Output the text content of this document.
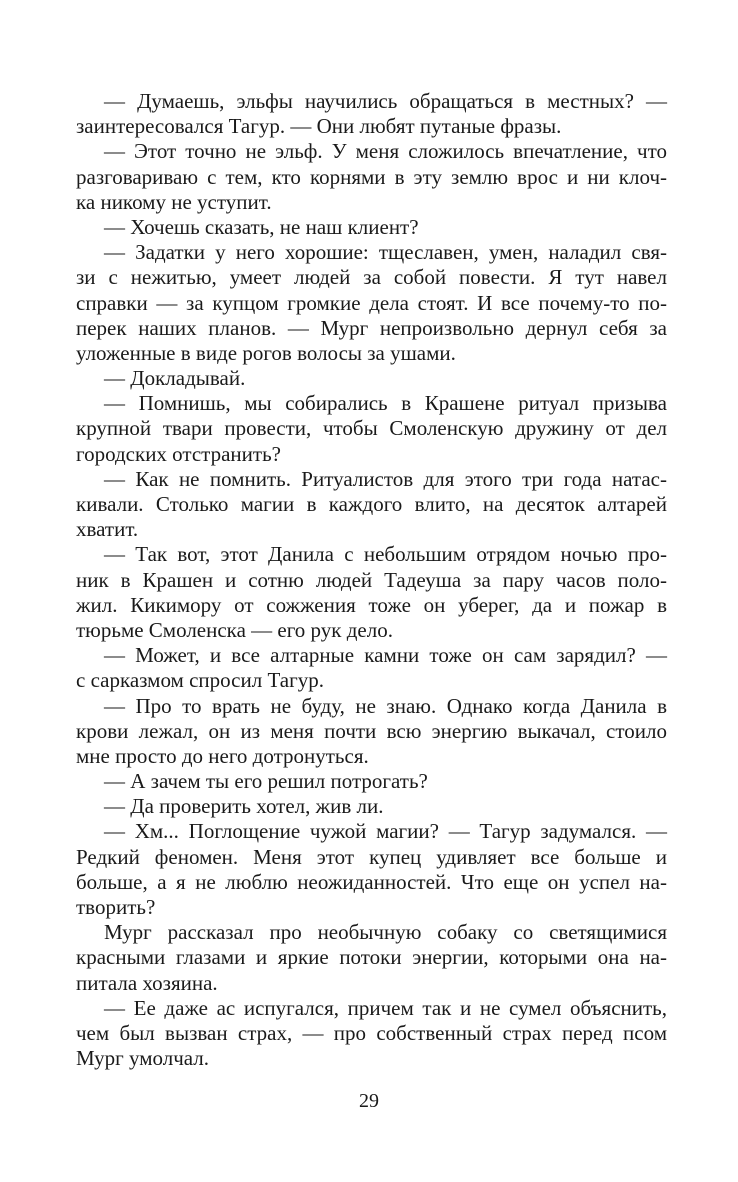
— Думаешь, эльфы научились обращаться в местных? —
заинтересовался Тагур. — Они любят путаные фразы.
— Этот точно не эльф. У меня сложилось впечатление, что
разговариваю с тем, кто корнями в эту землю врос и ни клоч-
ка никому не уступит.
— Хочешь сказать, не наш клиент?
— Задатки у него хорошие: тщеславен, умен, наладил свя-
зи с нежитью, умеет людей за собой повести. Я тут навел
справки — за купцом громкие дела стоят. И все почему-то по-
перек наших планов. — Мург непроизвольно дернул себя за
уложенные в виде рогов волосы за ушами.
— Докладывай.
— Помнишь, мы собирались в Крашене ритуал призыва
крупной твари провести, чтобы Смоленскую дружину от дел
городских отстранить?
— Как не помнить. Ритуалистов для этого три года натас-
кивали. Столько магии в каждого влито, на десяток алтарей
хватит.
— Так вот, этот Данила с небольшим отрядом ночью про-
ник в Крашен и сотню людей Тадеуша за пару часов поло-
жил. Кикимору от сожжения тоже он уберег, да и пожар в
тюрьме Смоленска — его рук дело.
— Может, и все алтарные камни тоже он сам зарядил? —
с сарказмом спросил Тагур.
— Про то врать не буду, не знаю. Однако когда Данила в
крови лежал, он из меня почти всю энергию выкачал, стоило
мне просто до него дотронуться.
— А зачем ты его решил потрогать?
— Да проверить хотел, жив ли.
— Хм... Поглощение чужой магии? — Тагур задумался. —
Редкий феномен. Меня этот купец удивляет все больше и
больше, а я не люблю неожиданностей. Что еще он успел на-
творить?
Мург рассказал про необычную собаку со светящимися
красными глазами и яркие потоки энергии, которыми она на-
питала хозяина.
— Ее даже ас испугался, причем так и не сумел объяснить,
чем был вызван страх, — про собственный страх перед псом
Мург умолчал.
29
